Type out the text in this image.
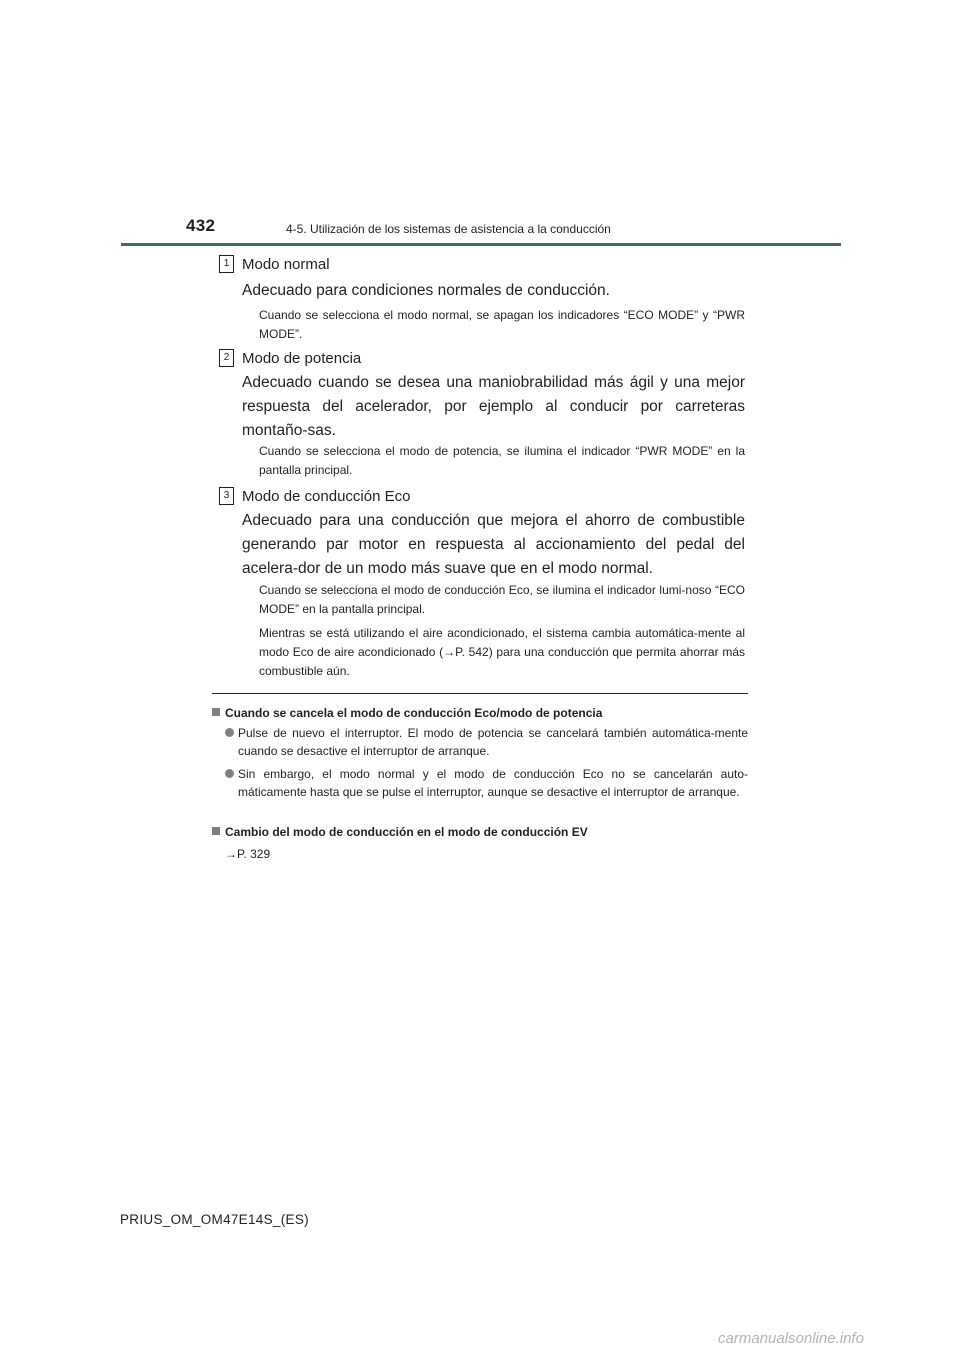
432	4-5. Utilización de los sistemas de asistencia a la conducción
1 Modo normal
Adecuado para condiciones normales de conducción.
Cuando se selecciona el modo normal, se apagan los indicadores “ECO MODE” y “PWR MODE”.
2 Modo de potencia
Adecuado cuando se desea una maniobrabilidad más ágil y una mejor respuesta del acelerador, por ejemplo al conducir por carreteras montaño-sas.
Cuando se selecciona el modo de potencia, se ilumina el indicador “PWR MODE” en la pantalla principal.
3 Modo de conducción Eco
Adecuado para una conducción que mejora el ahorro de combustible generando par motor en respuesta al accionamiento del pedal del acelera-dor de un modo más suave que en el modo normal.
Cuando se selecciona el modo de conducción Eco, se ilumina el indicador lumi-noso “ECO MODE” en la pantalla principal.
Mientras se está utilizando el aire acondicionado, el sistema cambia automática-mente al modo Eco de aire acondicionado (→P. 542) para una conducción que permita ahorrar más combustible aún.
Cuando se cancela el modo de conducción Eco/modo de potencia
Pulse de nuevo el interruptor. El modo de potencia se cancelará también automática-mente cuando se desactive el interruptor de arranque.
Sin embargo, el modo normal y el modo de conducción Eco no se cancelarán auto-máticamente hasta que se pulse el interruptor, aunque se desactive el interruptor de arranque.
Cambio del modo de conducción en el modo de conducción EV
→P. 329
PRIUS_OM_OM47E14S_(ES)
carmanualsonline.info
